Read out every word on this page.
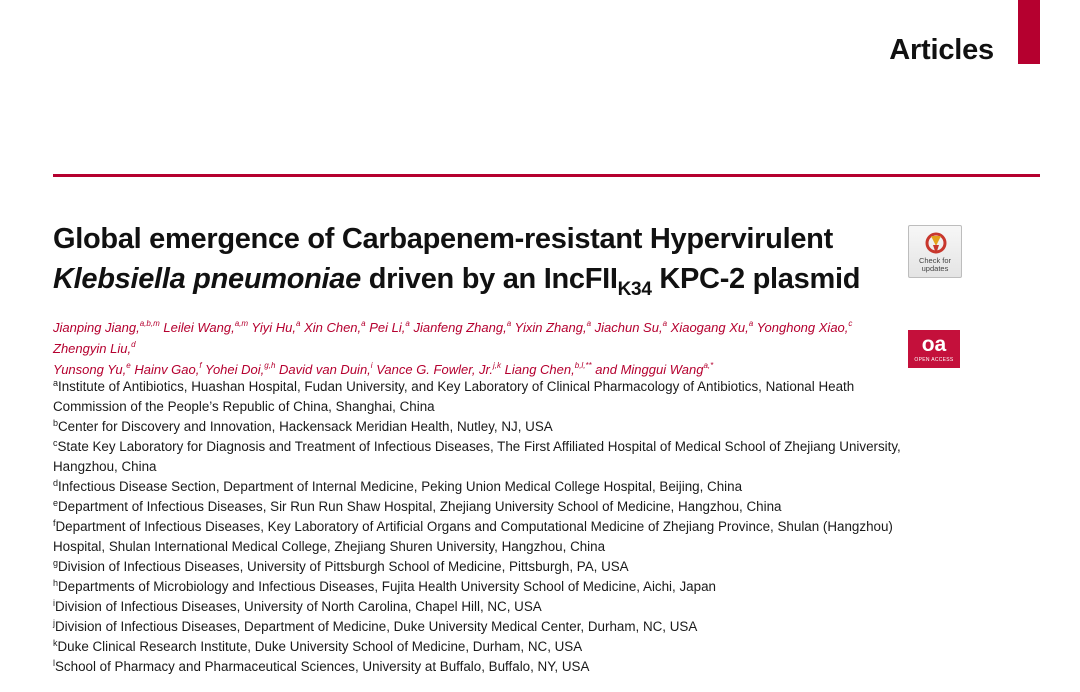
Articles
Global emergence of Carbapenem-resistant Hypervirulent
Klebsiella pneumoniae driven by an IncFII$_{K34}$ KPC-2 plasmid
Check for
updates
oa
OPEN ACCESS
Jianping Jiang,$^{a,b,m}$ Leilei Wang,$^{a,m}$ Yiyi Hu,$^a$ Xin Chen,$^a$ Pei Li,$^a$ Jianfeng Zhang,$^a$ Yixin Zhang,$^a$ Jiachun Su,$^a$ Xiaogang Xu,$^a$ Yonghong Xiao,$^c$ Zhengyin Liu,$^d$
Yunsong Yu,$^e$ Hainv Gao,$^f$ Yohei Doi,$^{g,h}$ David van Duin,$^i$ Vance G. Fowler, Jr.$^{j,k}$ Liang Chen,$^{b,l,**}$ and Minggui Wang$^{a,*}$
$^a$Institute of Antibiotics, Huashan Hospital, Fudan University, and Key Laboratory of Clinical Pharmacology of Antibiotics, National Heath Commission of the People’s Republic of China, Shanghai, China
$^b$Center for Discovery and Innovation, Hackensack Meridian Health, Nutley, NJ, USA
$^c$State Key Laboratory for Diagnosis and Treatment of Infectious Diseases, The First Affiliated Hospital of Medical School of Zhejiang University, Hangzhou, China
$^d$Infectious Disease Section, Department of Internal Medicine, Peking Union Medical College Hospital, Beijing, China
$^e$Department of Infectious Diseases, Sir Run Run Shaw Hospital, Zhejiang University School of Medicine, Hangzhou, China
$^f$Department of Infectious Diseases, Key Laboratory of Artificial Organs and Computational Medicine of Zhejiang Province, Shulan (Hangzhou) Hospital, Shulan International Medical College, Zhejiang Shuren University, Hangzhou, China
$^g$Division of Infectious Diseases, University of Pittsburgh School of Medicine, Pittsburgh, PA, USA
$^h$Departments of Microbiology and Infectious Diseases, Fujita Health University School of Medicine, Aichi, Japan
$^i$Division of Infectious Diseases, University of North Carolina, Chapel Hill, NC, USA
$^j$Division of Infectious Diseases, Department of Medicine, Duke University Medical Center, Durham, NC, USA
$^k$Duke Clinical Research Institute, Duke University School of Medicine, Durham, NC, USA
$^l$School of Pharmacy and Pharmaceutical Sciences, University at Buffalo, Buffalo, NY, USA
